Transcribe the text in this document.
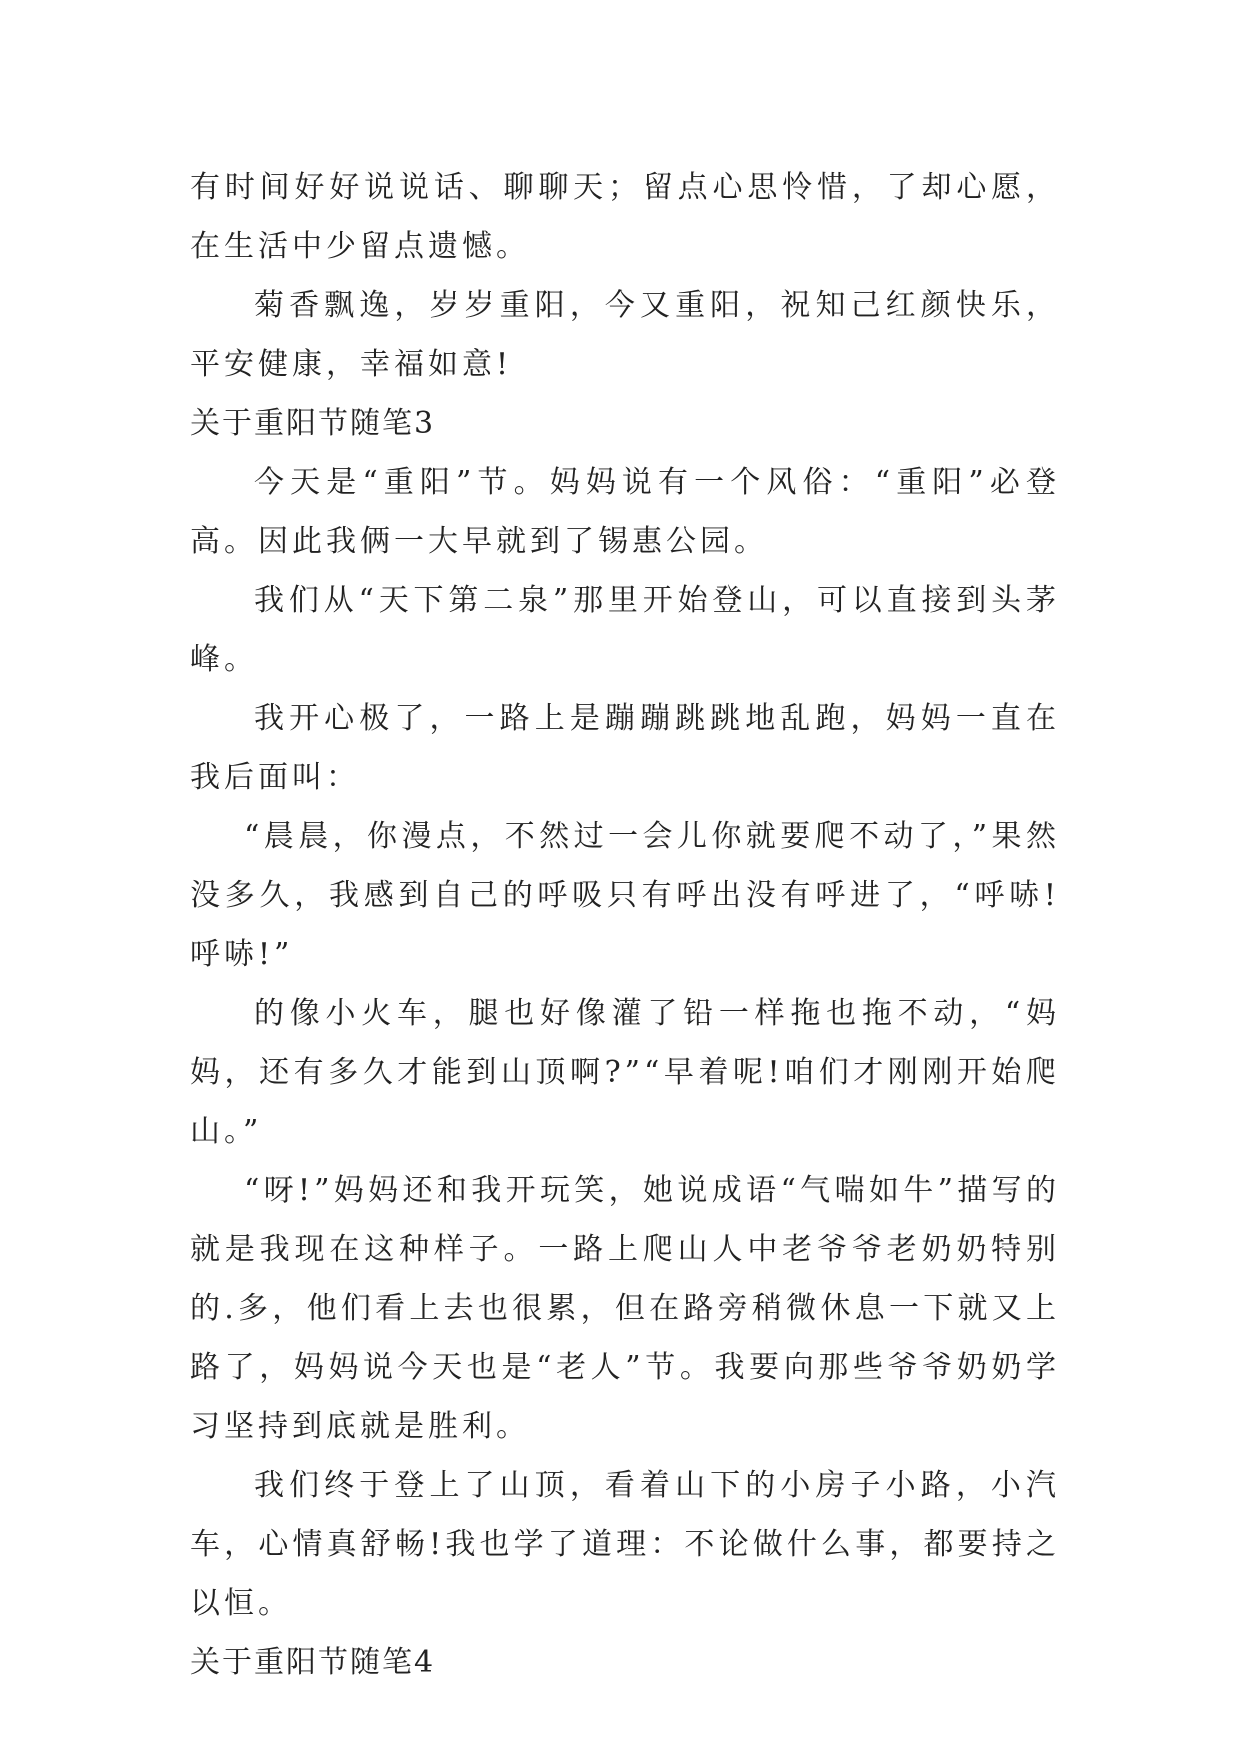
有时间好好说说话、聊聊天；留点心思怜惜，了却心愿，在生活中少留点遗憾。

菊香飘逸，岁岁重阳，今又重阳，祝知己红颜快乐，平安健康，幸福如意!

关于重阳节随笔3

今天是“重阳”节。妈妈说有一个风俗：“重阳”必登高。因此我俩一大早就到了锡惠公园。

我们从“天下第二泉”那里开始登山，可以直接到头茅峰。

我开心极了，一路上是蹦蹦跳跳地乱跑，妈妈一直在我后面叫：

“晨晨，你漫点，不然过一会儿你就要爬不动了，”果然没多久，我感到自己的呼吸只有呼出没有呼进了，“呼哧!呼哧!”

的像小火车，腿也好像灌了铅一样拖也拖不动，“妈妈，还有多久才能到山顶啊?”“早着呢!咱们才刚刚开始爬山。”

“呀!”妈妈还和我开玩笑，她说成语“气喘如牛”描写的就是我现在这种样子。一路上爬山人中老爷爷老奶奶特别的.多，他们看上去也很累，但在路旁稍微休息一下就又上路了，妈妈说今天也是“老人”节。我要向那些爷爷奶奶学习坚持到底就是胜利。

我们终于登上了山顶，看着山下的小房子小路，小汽车，心情真舒畅!我也学了道理：不论做什么事，都要持之以恒。

关于重阳节随笔4
